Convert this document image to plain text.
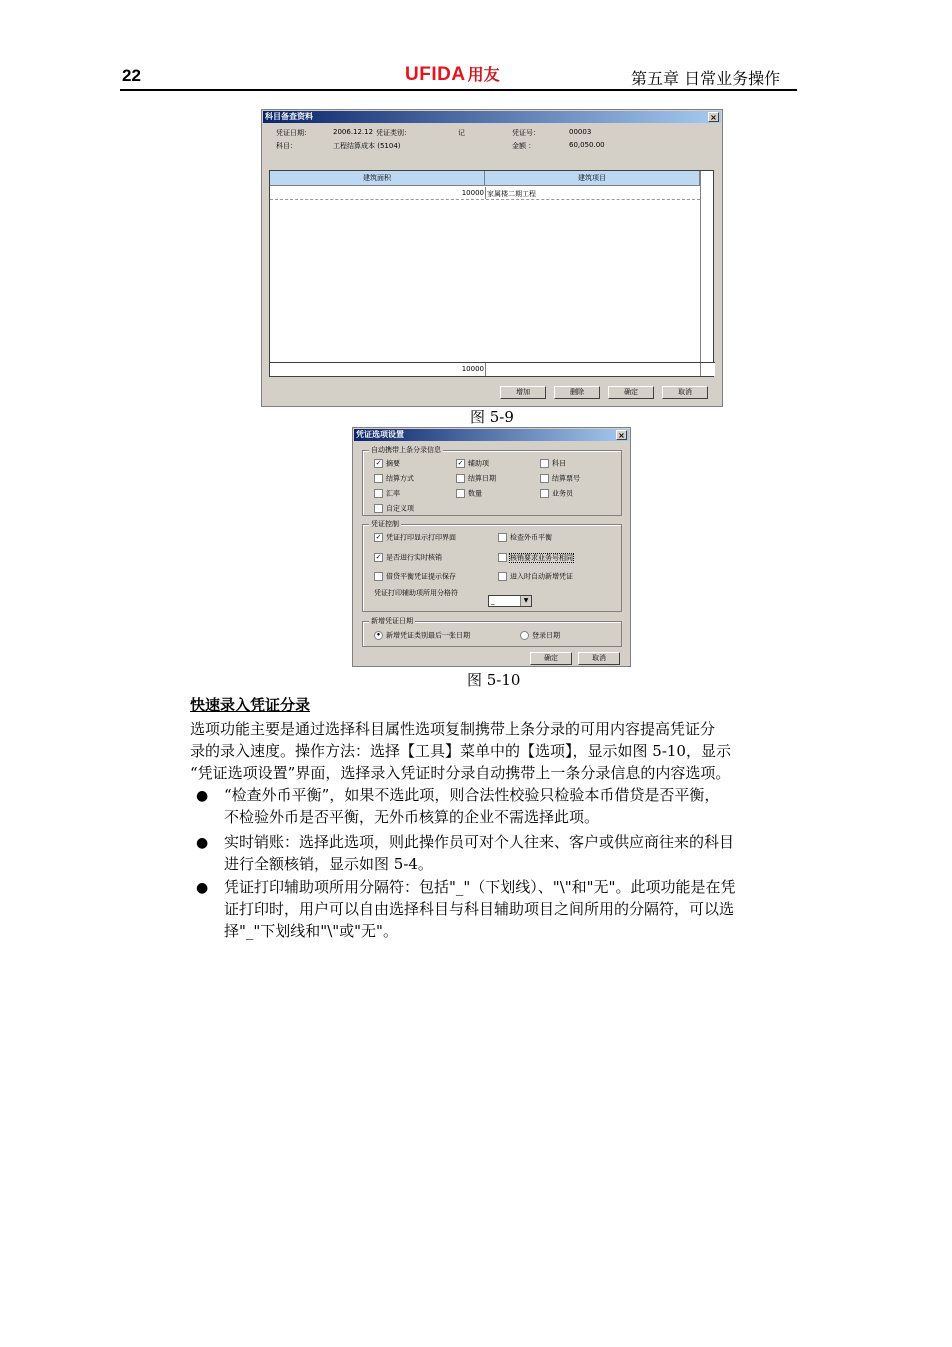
22	UFIDA 用友	第五章 日常业务操作
科目备查资料	×
凭证日期：	2006.12.12 凭证类别：	记	凭证号：	00003
科目：	工程结算成本 (5104)	金额 ：	60,050.00
建筑面积	建筑项目
10000 家属楼二期工程
10000
增加	删除	确定	取消
图 5-9
凭证选项设置	×
自动携带上条分录信息
✓ 摘要	✓ 辅助项	科目
结算方式	结算日期	结算票号
汇率	数量	业务员
自定义项
凭证控制
✓ 凭证打印显示打印界面	检查外币平衡
✓ 是否进行实时核销	核销要求业务号相同
借贷平衡凭证提示保存	进入时自动新增凭证
凭证打印辅助项所用分格符
_	▼
新增凭证日期
• 新增凭证类别最后一张日期	登录日期
确定	取消
图 5-10
快速录入凭证分录
选项功能主要是通过选择科目属性选项复制携带上条分录的可用内容提高凭证分
录的录入速度。操作方法：选择【工具】菜单中的【选项】，显示如图 5-10，显示
“凭证选项设置”界面，选择录入凭证时分录自动携带上一条分录信息的内容选项。
● “检查外币平衡”，如果不选此项，则合法性校验只检验本币借贷是否平衡，
不检验外币是否平衡，无外币核算的企业不需选择此项。
● 实时销账：选择此选项，则此操作员可对个人往来、客户或供应商往来的科目
进行全额核销，显示如图 5-4。
● 凭证打印辅助项所用分隔符：包括"_"（下划线）、"\"和"无"。此项功能是在凭
证打印时，用户可以自由选择科目与科目辅助项目之间所用的分隔符，可以选
择"_"下划线和"\"或"无"。
